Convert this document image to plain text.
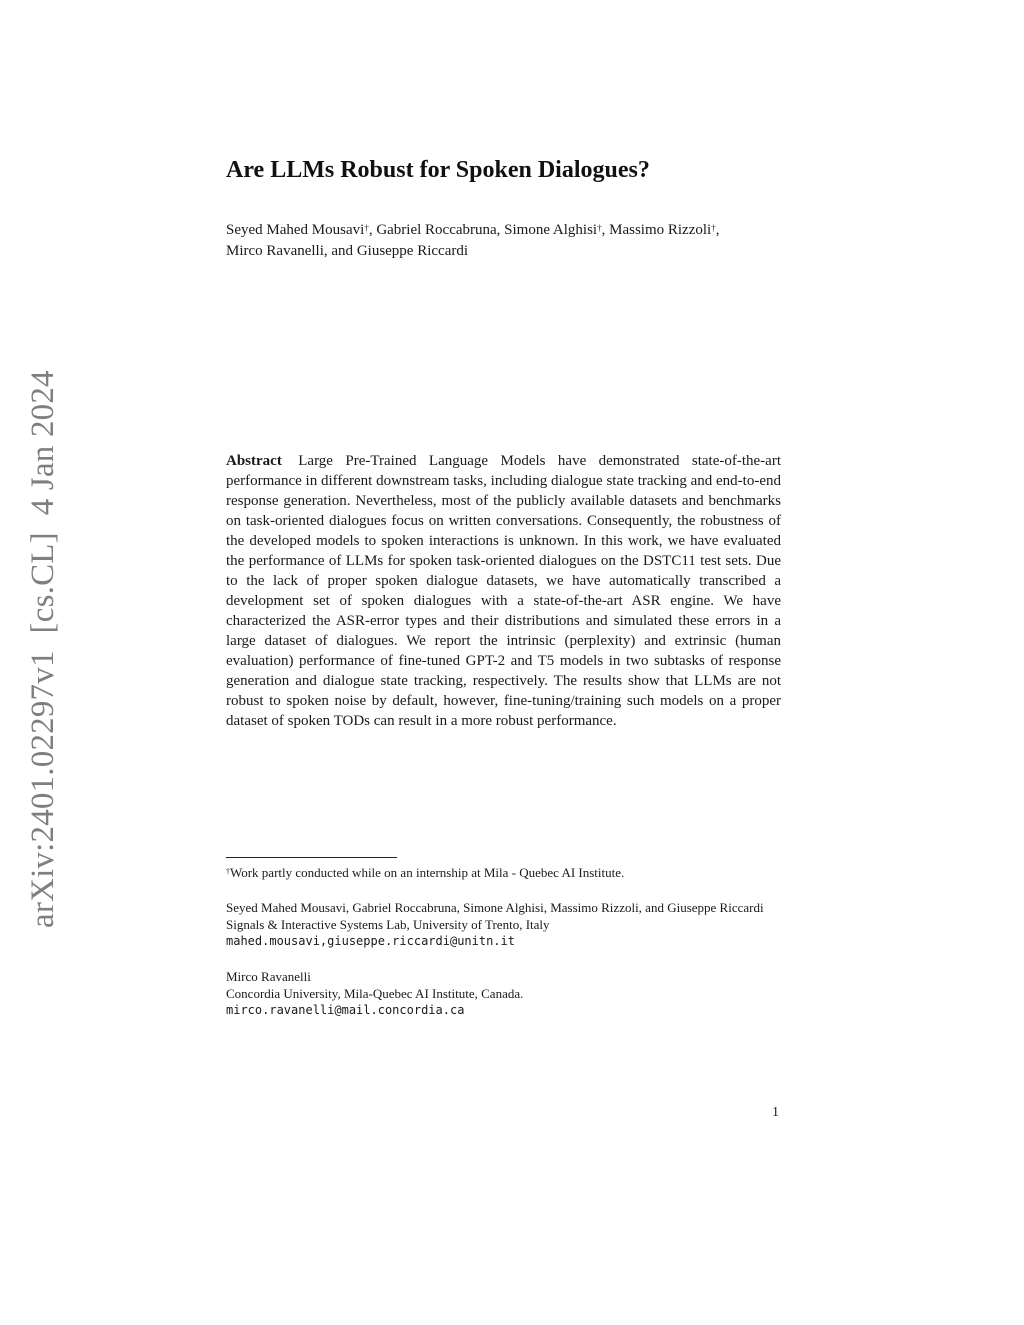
arXiv:2401.02297v1  [cs.CL]  4 Jan 2024
Are LLMs Robust for Spoken Dialogues?
Seyed Mahed Mousavi†, Gabriel Roccabruna, Simone Alghisi†, Massimo Rizzoli†,
Mirco Ravanelli, and Giuseppe Riccardi

Abstract Large Pre-Trained Language Models have demonstrated state-of-the-art performance in different downstream tasks, including dialogue state tracking and end-to-end response generation. Nevertheless, most of the publicly available datasets and benchmarks on task-oriented dialogues focus on written conversations. Consequently, the robustness of the developed models to spoken interactions is unknown. In this work, we have evaluated the performance of LLMs for spoken task-oriented dialogues on the DSTC11 test sets. Due to the lack of proper spoken dialogue datasets, we have automatically transcribed a development set of spoken dialogues with a state-of-the-art ASR engine. We have characterized the ASR-error types and their distributions and simulated these errors in a large dataset of dialogues. We report the intrinsic (perplexity) and extrinsic (human evaluation) performance of fine-tuned GPT-2 and T5 models in two subtasks of response generation and dialogue state tracking, respectively. The results show that LLMs are not robust to spoken noise by default, however, fine-tuning/training such models on a proper dataset of spoken TODs can result in a more robust performance.

†Work partly conducted while on an internship at Mila - Quebec AI Institute.

Seyed Mahed Mousavi, Gabriel Roccabruna, Simone Alghisi, Massimo Rizzoli, and Giuseppe Riccardi

Signals & Interactive Systems Lab, University of Trento, Italy

mahed.mousavi,giuseppe.riccardi@unitn.it

Mirco Ravanelli

Concordia University, Mila-Quebec AI Institute, Canada.

mirco.ravanelli@mail.concordia.ca

1
